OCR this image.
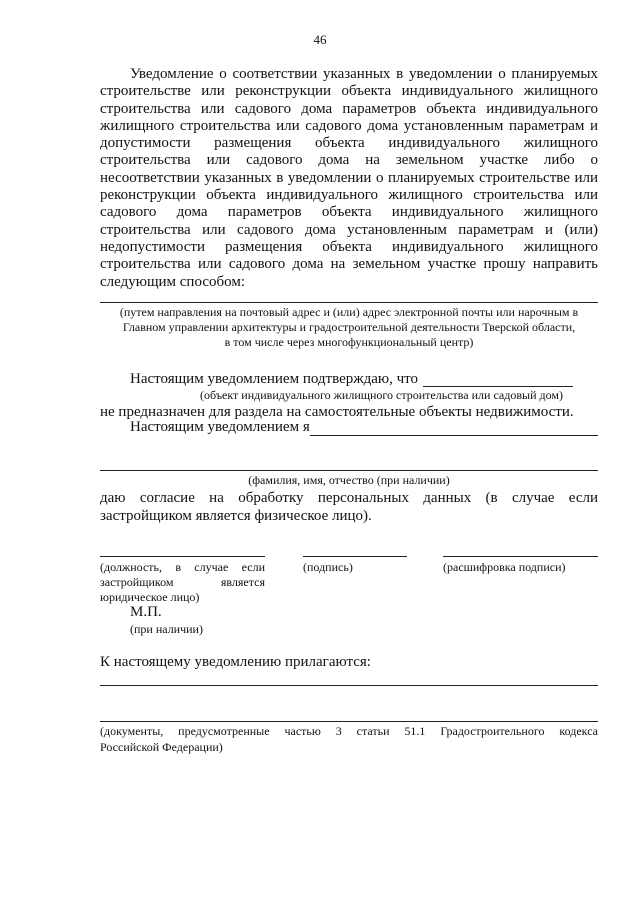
46
Уведомление о соответствии указанных в уведомлении о планируемых
строительстве или реконструкции объекта индивидуального жилищного
строительства или садового дома параметров объекта индивидуального
жилищного строительства или садового дома установленным параметрам и
допустимости размещения объекта индивидуального жилищного
строительства или садового дома на земельном участке либо о
несоответствии указанных в уведомлении о планируемых строительстве или
реконструкции объекта индивидуального жилищного строительства или
садового дома параметров объекта индивидуального жилищного
строительства или садового дома установленным параметрам и (или)
недопустимости размещения объекта индивидуального жилищного
строительства или садового дома на земельном участке прошу направить
следующим способом:
(путем направления на почтовый адрес и (или) адрес электронной почты или нарочным в
Главном управлении архитектуры и градостроительной деятельности Тверской области,
в том числе через многофункциональный центр)
Настоящим уведомлением подтверждаю, что
(объект индивидуального жилищного строительства или садовый дом)
не предназначен для раздела на самостоятельные объекты недвижимости.
Настоящим уведомлением я
(фамилия, имя, отчество (при наличии)
даю согласие на обработку персональных данных (в случае если
застройщиком является физическое лицо).
(должность, в случае если
застройщиком является
юридическое лицо)
(подпись)	(расшифровка подписи)
М.П.
(при наличии)
К настоящему уведомлению прилагаются:
(документы, предусмотренные частью 3 статьи 51.1 Градостроительного кодекса
Российской Федерации)
